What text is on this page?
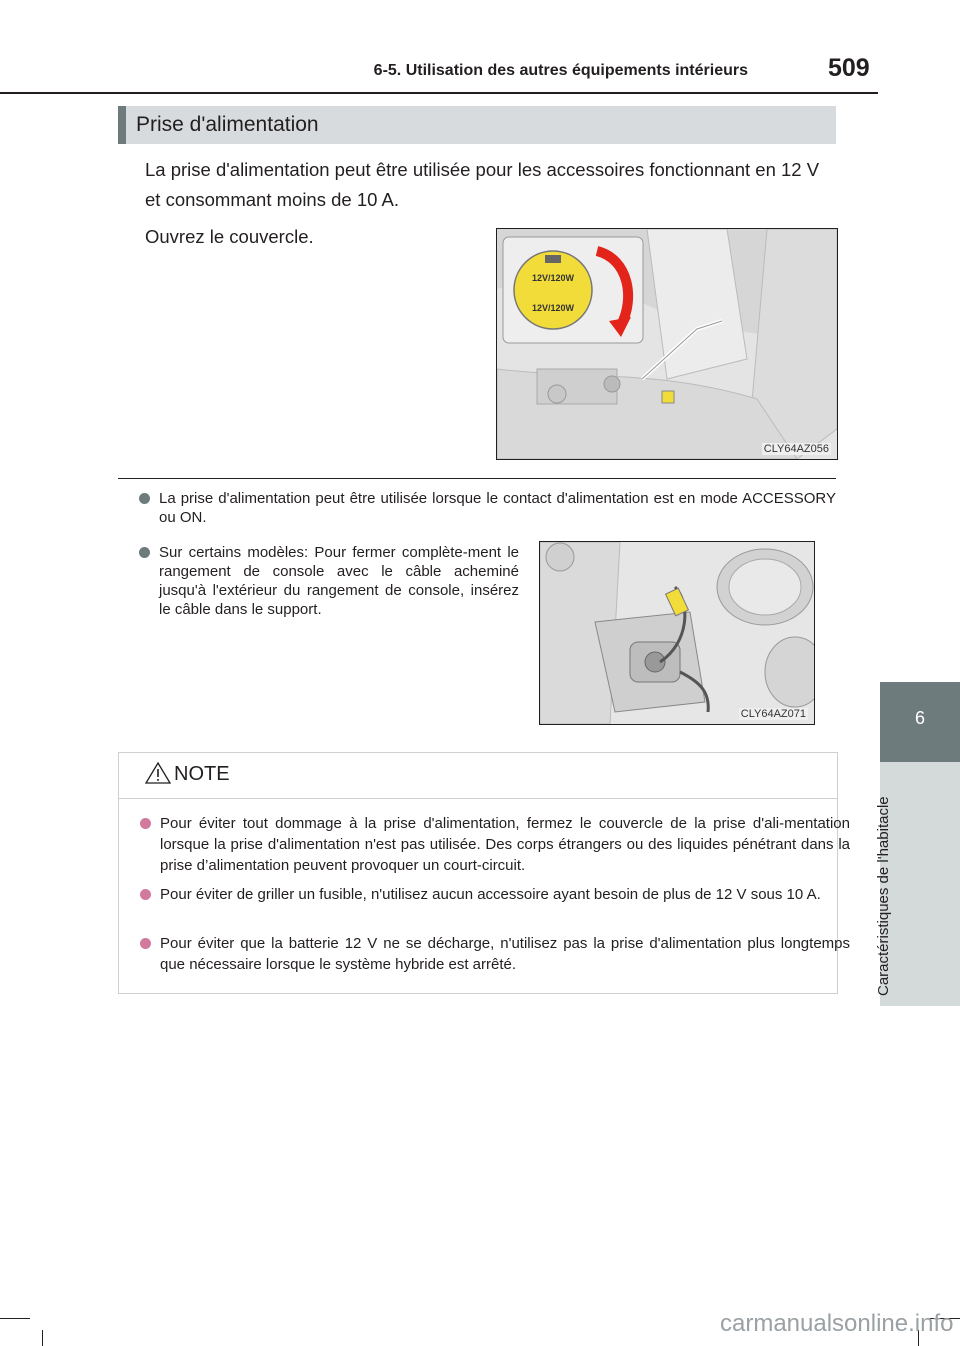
6-5. Utilisation des autres équipements intérieurs	509
6
Caractéristiques de l'habitacle
Prise d'alimentation
La prise d'alimentation peut être utilisée pour les accessoires fonctionnant en 12 V et consommant moins de 10 A.
Ouvrez le couvercle.
12V/120W
12V/120W
CLY64AZ056
La prise d'alimentation peut être utilisée lorsque le contact d'alimentation est en mode ACCESSORY ou ON.
Sur certains modèles: Pour fermer complète-ment le rangement de console avec le câble acheminé jusqu'à l'extérieur du rangement de console, insérez le câble dans le support.
CLY64AZ071
NOTE
Pour éviter tout dommage à la prise d'alimentation, fermez le couvercle de la prise d'ali-mentation lorsque la prise d'alimentation n'est pas utilisée. Des corps étrangers ou des liquides pénétrant dans la prise d’alimentation peuvent provoquer un court-circuit.
Pour éviter de griller un fusible, n'utilisez aucun accessoire ayant besoin de plus de 12 V sous 10 A.
Pour éviter que la batterie 12 V ne se décharge, n'utilisez pas la prise d'alimentation plus longtemps que nécessaire lorsque le système hybride est arrêté.
carmanualsonline.info
